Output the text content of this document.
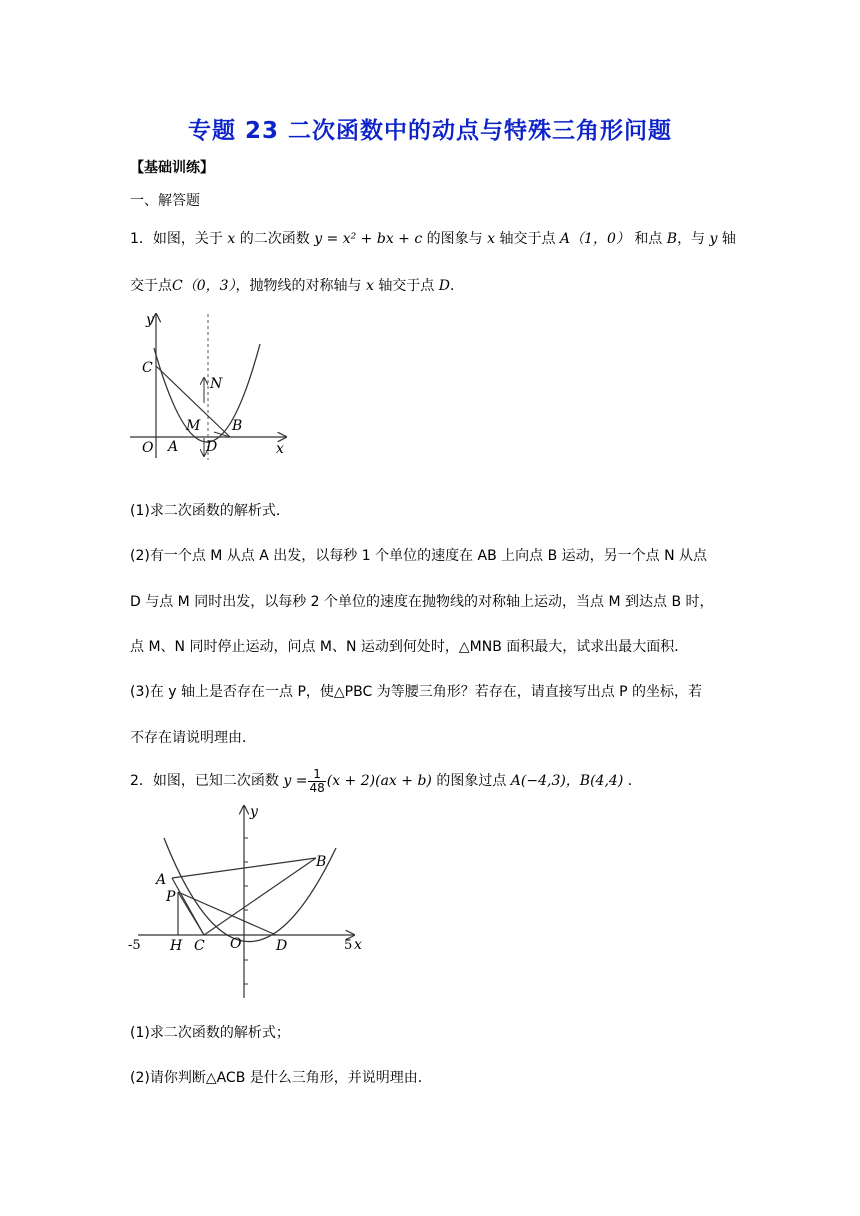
专题 23 二次函数中的动点与特殊三角形问题
【基础训练】
一、解答题
1．如图，关于 x 的二次函数 y = x² + bx + c 的图象与 x 轴交于点 A（1，0） 和点 B，与 y 轴
交于点C（0，3），抛物线的对称轴与 x 轴交于点 D．
y
C
N
M B
O A D	x
(1)求二次函数的解析式．
(2)有一个点 M 从点 A 出发，以每秒 1 个单位的速度在 AB 上向点 B 运动，另一个点 N 从点
D 与点 M 同时出发，以每秒 2 个单位的速度在抛物线的对称轴上运动，当点 M 到达点 B 时，
点 M、N 同时停止运动，问点 M、N 运动到何处时，△MNB 面积最大，试求出最大面积．
(3)在 y 轴上是否存在一点 P，使△PBC 为等腰三角形？若存在，请直接写出点 P 的坐标，若
不存在请说明理由．
2．如图，已知二次函数 $y = \frac{1}{48} (x + 2)(ax + b)$ 的图象过点 A(−4,3)，B(4,4) ．
y
B
A
P
-5 H C O D	5 x
(1)求二次函数的解析式；
(2)请你判断△ACB 是什么三角形，并说明理由．
